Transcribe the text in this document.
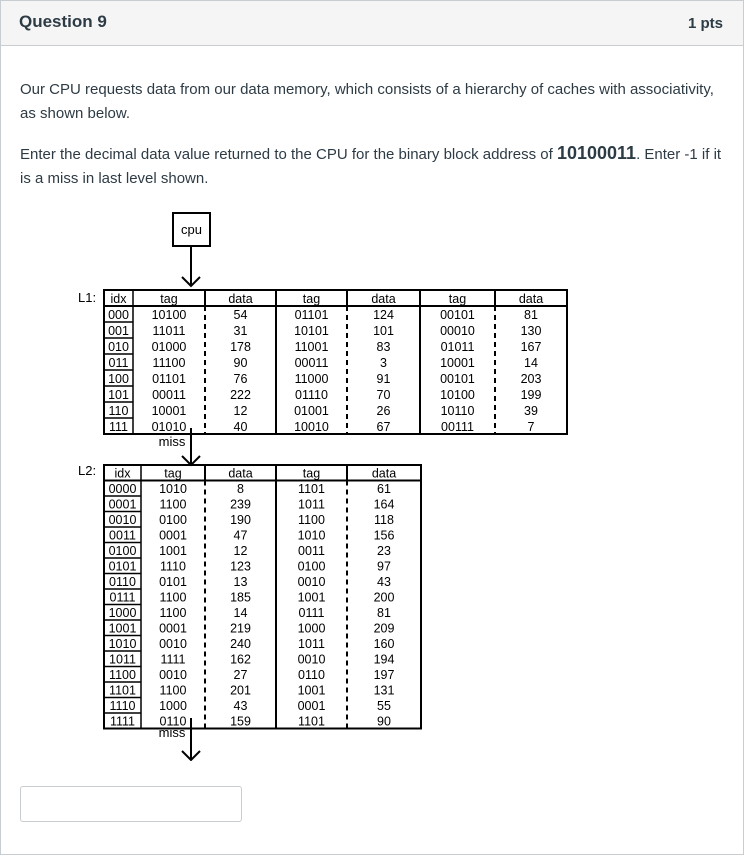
Question 9	1 pts
Our CPU requests data from our data memory, which consists of a hierarchy of caches with associativity, as shown below.
Enter the decimal data value returned to the CPU for the binary block address of 10100011. Enter -1 if it is a miss in last level shown.
cpu
L1: idx	tag	data	tag	data	tag	data
000 10100	54	01101	124	00101	81
001 11011	31	10101	101	00010	130
010 01000	178	11001	83	01011	167
011 11100	90	00011	3	10001	14
100 01101	76	11000	91	00101	203
101 00011	222	01110	70	10100	199
110 10001	12	01001	26	10110	39
111 01010	40	10010	67	00111	7
miss
L2: idx	tag	data	tag	data
0000 1010	8	1101	61
0001 1100	239	1011	164
0010 0100	190	1100	118
0011 0001	47	1010	156
0100 1001	12	0011	23
0101 1110	123	0100	97
0110 0101	13	0010	43
0111 1100	185	1001	200
1000 1100	14	0111	81
1001 0001	219	1000	209
1010 0010	240	1011	160
1011 1111	162	0010	194
1100 0010	27	0110	197
1101 1100	201	1001	131
1110 1000	43	0001	55
1111 0110	159	1101	90
miss
